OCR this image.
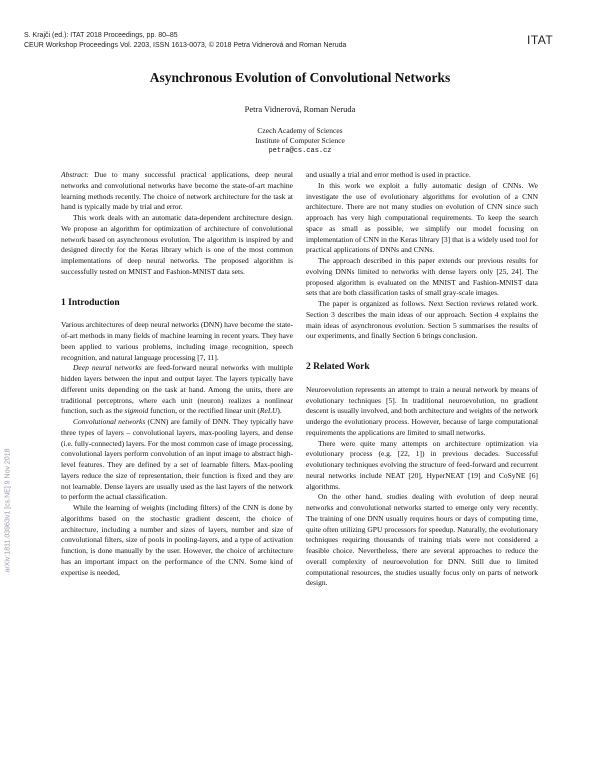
S. Krajči (ed.): ITAT 2018 Proceedings, pp. 80–85
CEUR Workshop Proceedings Vol. 2203, ISSN 1613-0073, © 2018 Petra Vidnerová and Roman Neruda	ITAT
Asynchronous Evolution of Convolutional Networks
Petra Vidnerová, Roman Neruda
Czech Academy of Sciences
Institute of Computer Science
petra@cs.cas.cz
arXiv:1811.03963v1 [cs.NE] 9 Nov 2018

Abstract: Due to many successful practical applications, deep neural networks and convolutional networks have become the state-of-art machine learning methods recently. The choice of network architecture for the task at hand is typically made by trial and error.

This work deals with an automatic data-dependent architecture design. We propose an algorithm for optimization of architecture of convolutional network based on asynchronous evolution. The algorithm is inspired by and designed directly for the Keras library which is one of the most common implementations of deep neural networks. The proposed algorithm is successfully tested on MNIST and Fashion-MNIST data sets.

1 Introduction

Various architectures of deep neural networks (DNN) have become the state-of-art methods in many fields of machine learning in recent years. They have been applied to various problems, including image recognition, speech recognition, and natural language processing [7, 11].

Deep neural networks are feed-forward neural networks with multiple hidden layers between the input and output layer. The layers typically have different units depending on the task at hand. Among the units, there are traditional perceptrons, where each unit (neuron) realizes a nonlinear function, such as the sigmoid function, or the rectified linear unit (ReLU).

Convolutional networks (CNN) are family of DNN. They typically have three types of layers – convolutional layers, max-pooling layers, and dense (i.e. fully-connected) layers. For the most common case of image processing, convolutional layers perform convolution of an input image to abstract high-level features. They are defined by a set of learnable filters. Max-pooling layers reduce the size of representation, their function is fixed and they are not learnable. Dense layers are usually used as the last layers of the network to perform the actual classification.

While the learning of weights (including filters) of the CNN is done by algorithms based on the stochastic gradient descent, the choice of architecture, including a number and sizes of layers, number and size of convolutional filters, size of pools in pooling-layers, and a type of activation function, is done manually by the user. However, the choice of architecture has an important impact on the performance of the CNN. Some kind of expertise is needed,

and usually a trial and error method is used in practice.

In this work we exploit a fully automatic design of CNNs. We investigate the use of evolutionary algorithms for evolution of a CNN architecture. There are not many studies on evolution of CNN since such approach has very high computational requirements. To keep the search space as small as possible, we simplify our model focusing on implementation of CNN in the Keras library [3] that is a widely used tool for practical applications of DNNs and CNNs.

The approach described in this paper extends our previous results for evolving DNNs limited to networks with dense layers only [25, 24]. The proposed algorithm is evaluated on the MNIST and Fashion-MNIST data sets that are both classification tasks of small gray-scale images.

The paper is organized as follows. Next Section reviews related work. Section 3 describes the main ideas of our approach. Section 4 explains the main ideas of asynchronous evolution. Section 5 summarises the results of our experiments, and finally Section 6 brings conclusion.

2 Related Work

Neuroevolution represents an attempt to train a neural network by means of evolutionary techniques [5]. In traditional neuroevolution, no gradient descent is usually involved, and both architecture and weights of the network undergo the evolutionary process. However, because of large computational requirements the applications are limited to small networks.

There were quite many attempts on architecture optimization via evolutionary process (e.g. [22, 1]) in previous decades. Successful evolutionary techniques evolving the structure of feed-forward and recurrent neural networks include NEAT [20], HyperNEAT [19] and CoSyNE [6] algorithms.

On the other hand, studies dealing with evolution of deep neural networks and convolutional networks started to emerge only very recently. The training of one DNN usually requires hours or days of computing time, quite often utilizing GPU processors for speedup. Naturally, the evolutionary techniques requiring thousands of training trials were not considered a feasible choice. Nevertheless, there are several approaches to reduce the overall complexity of neuroevolution for DNN. Still due to limited computational resources, the studies usually focus only on parts of network design.
